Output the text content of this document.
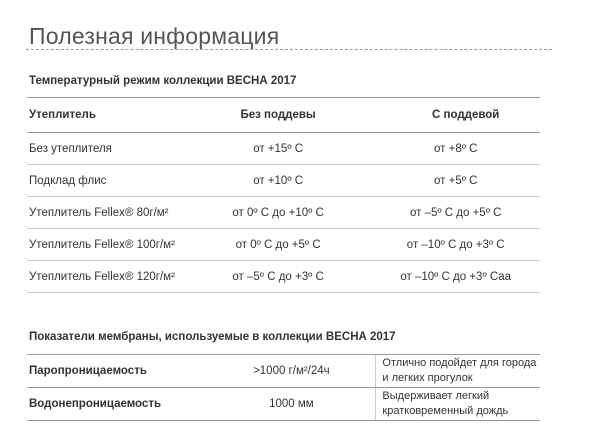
Полезная информация
Температурный режим коллекции ВЕСНА 2017
Утеплитель	Без поддевы	С поддевой
Без утеплителя	от +15º С	от +8º С
Подклад флис	от +10º С	от +5º С
Утеплитель Fellex® 80г/м²	от 0º С до +10º С	от –5º С до +5º С
Утеплитель Fellex® 100г/м²	от 0º С до +5º С	от –10º С до +3º С
Утеплитель Fellex® 120г/м²	от –5º С до +3º С	от –10º С до +3º Саа
Показатели мембраны, используемые в коллекции ВЕСНА 2017
Паропроницаемость	>1000 г/м²/24ч	Отлично подойдет для города и легких прогулок
Водонепроницаемость	1000 мм	Выдерживает легкий кратковременный дождь
